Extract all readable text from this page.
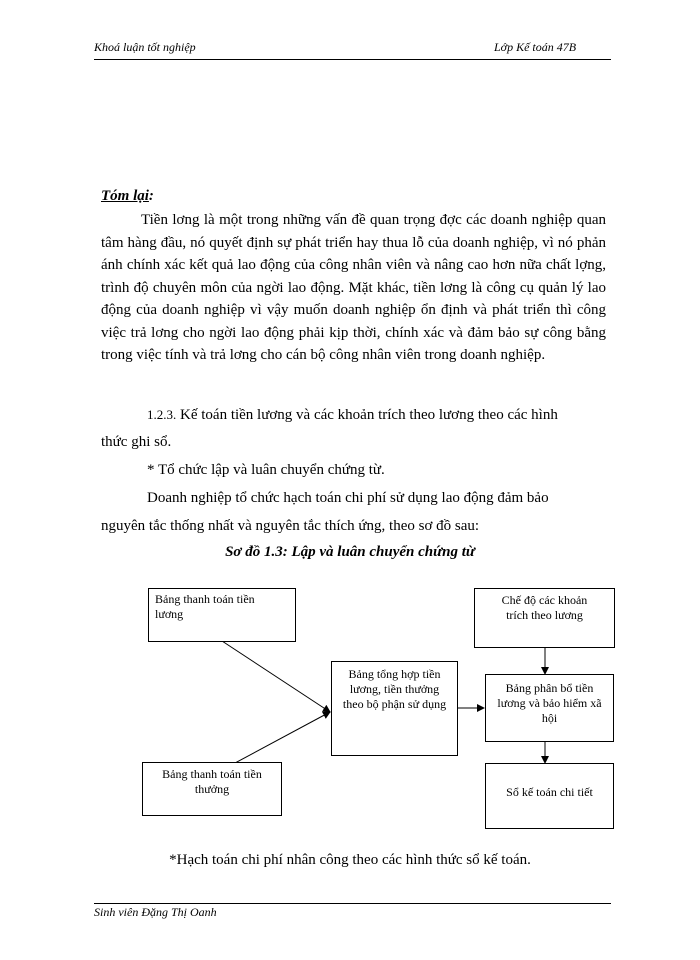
Khoá luận tốt nghiệp	Lớp Kế toán 47B
Tóm lại:

Tiền lơng là một trong những vấn đề quan trọng đợc các doanh nghiệp quan tâm hàng đầu, nó quyết định sự phát triển hay thua lỗ của doanh nghiệp, vì nó phản ánh chính xác kết quả lao động của công nhân viên và nâng cao hơn nữa chất lợng, trình độ chuyên môn của ngời lao động. Mặt khác, tiền lơng là công cụ quản lý lao động của doanh nghiệp vì vậy muốn doanh nghiệp ổn định và phát triển thì công việc trả lơng cho ngời lao động phải kịp thời, chính xác và đảm bảo sự công bằng trong việc tính và trả lơng cho cán bộ công nhân viên trong doanh nghiệp.

1.2.3. Kế toán tiền lương và các khoản trích theo lương theo các hình
thức ghi sổ.
* Tổ chức lập và luân chuyển chứng từ.
Doanh nghiệp tổ chức hạch toán chi phí sử dụng lao động đảm bảo
nguyên tắc thống nhất và nguyên tắc thích ứng, theo sơ đồ sau:
Sơ đồ 1.3: Lập và luân chuyển chứng từ
Bảng thanh toán tiền lương
Bảng thanh toán tiền thưởng
Bảng tổng hợp tiền lương, tiền thưởng theo bộ phận sử dụng
Chế độ các khoản trích theo lương
Bảng phân bổ tiền lương và bảo hiểm xã hội
Sổ kế toán chi tiết
*Hạch toán chi phí nhân công theo các hình thức sổ kế toán.
Sinh viên Đặng Thị Oanh
